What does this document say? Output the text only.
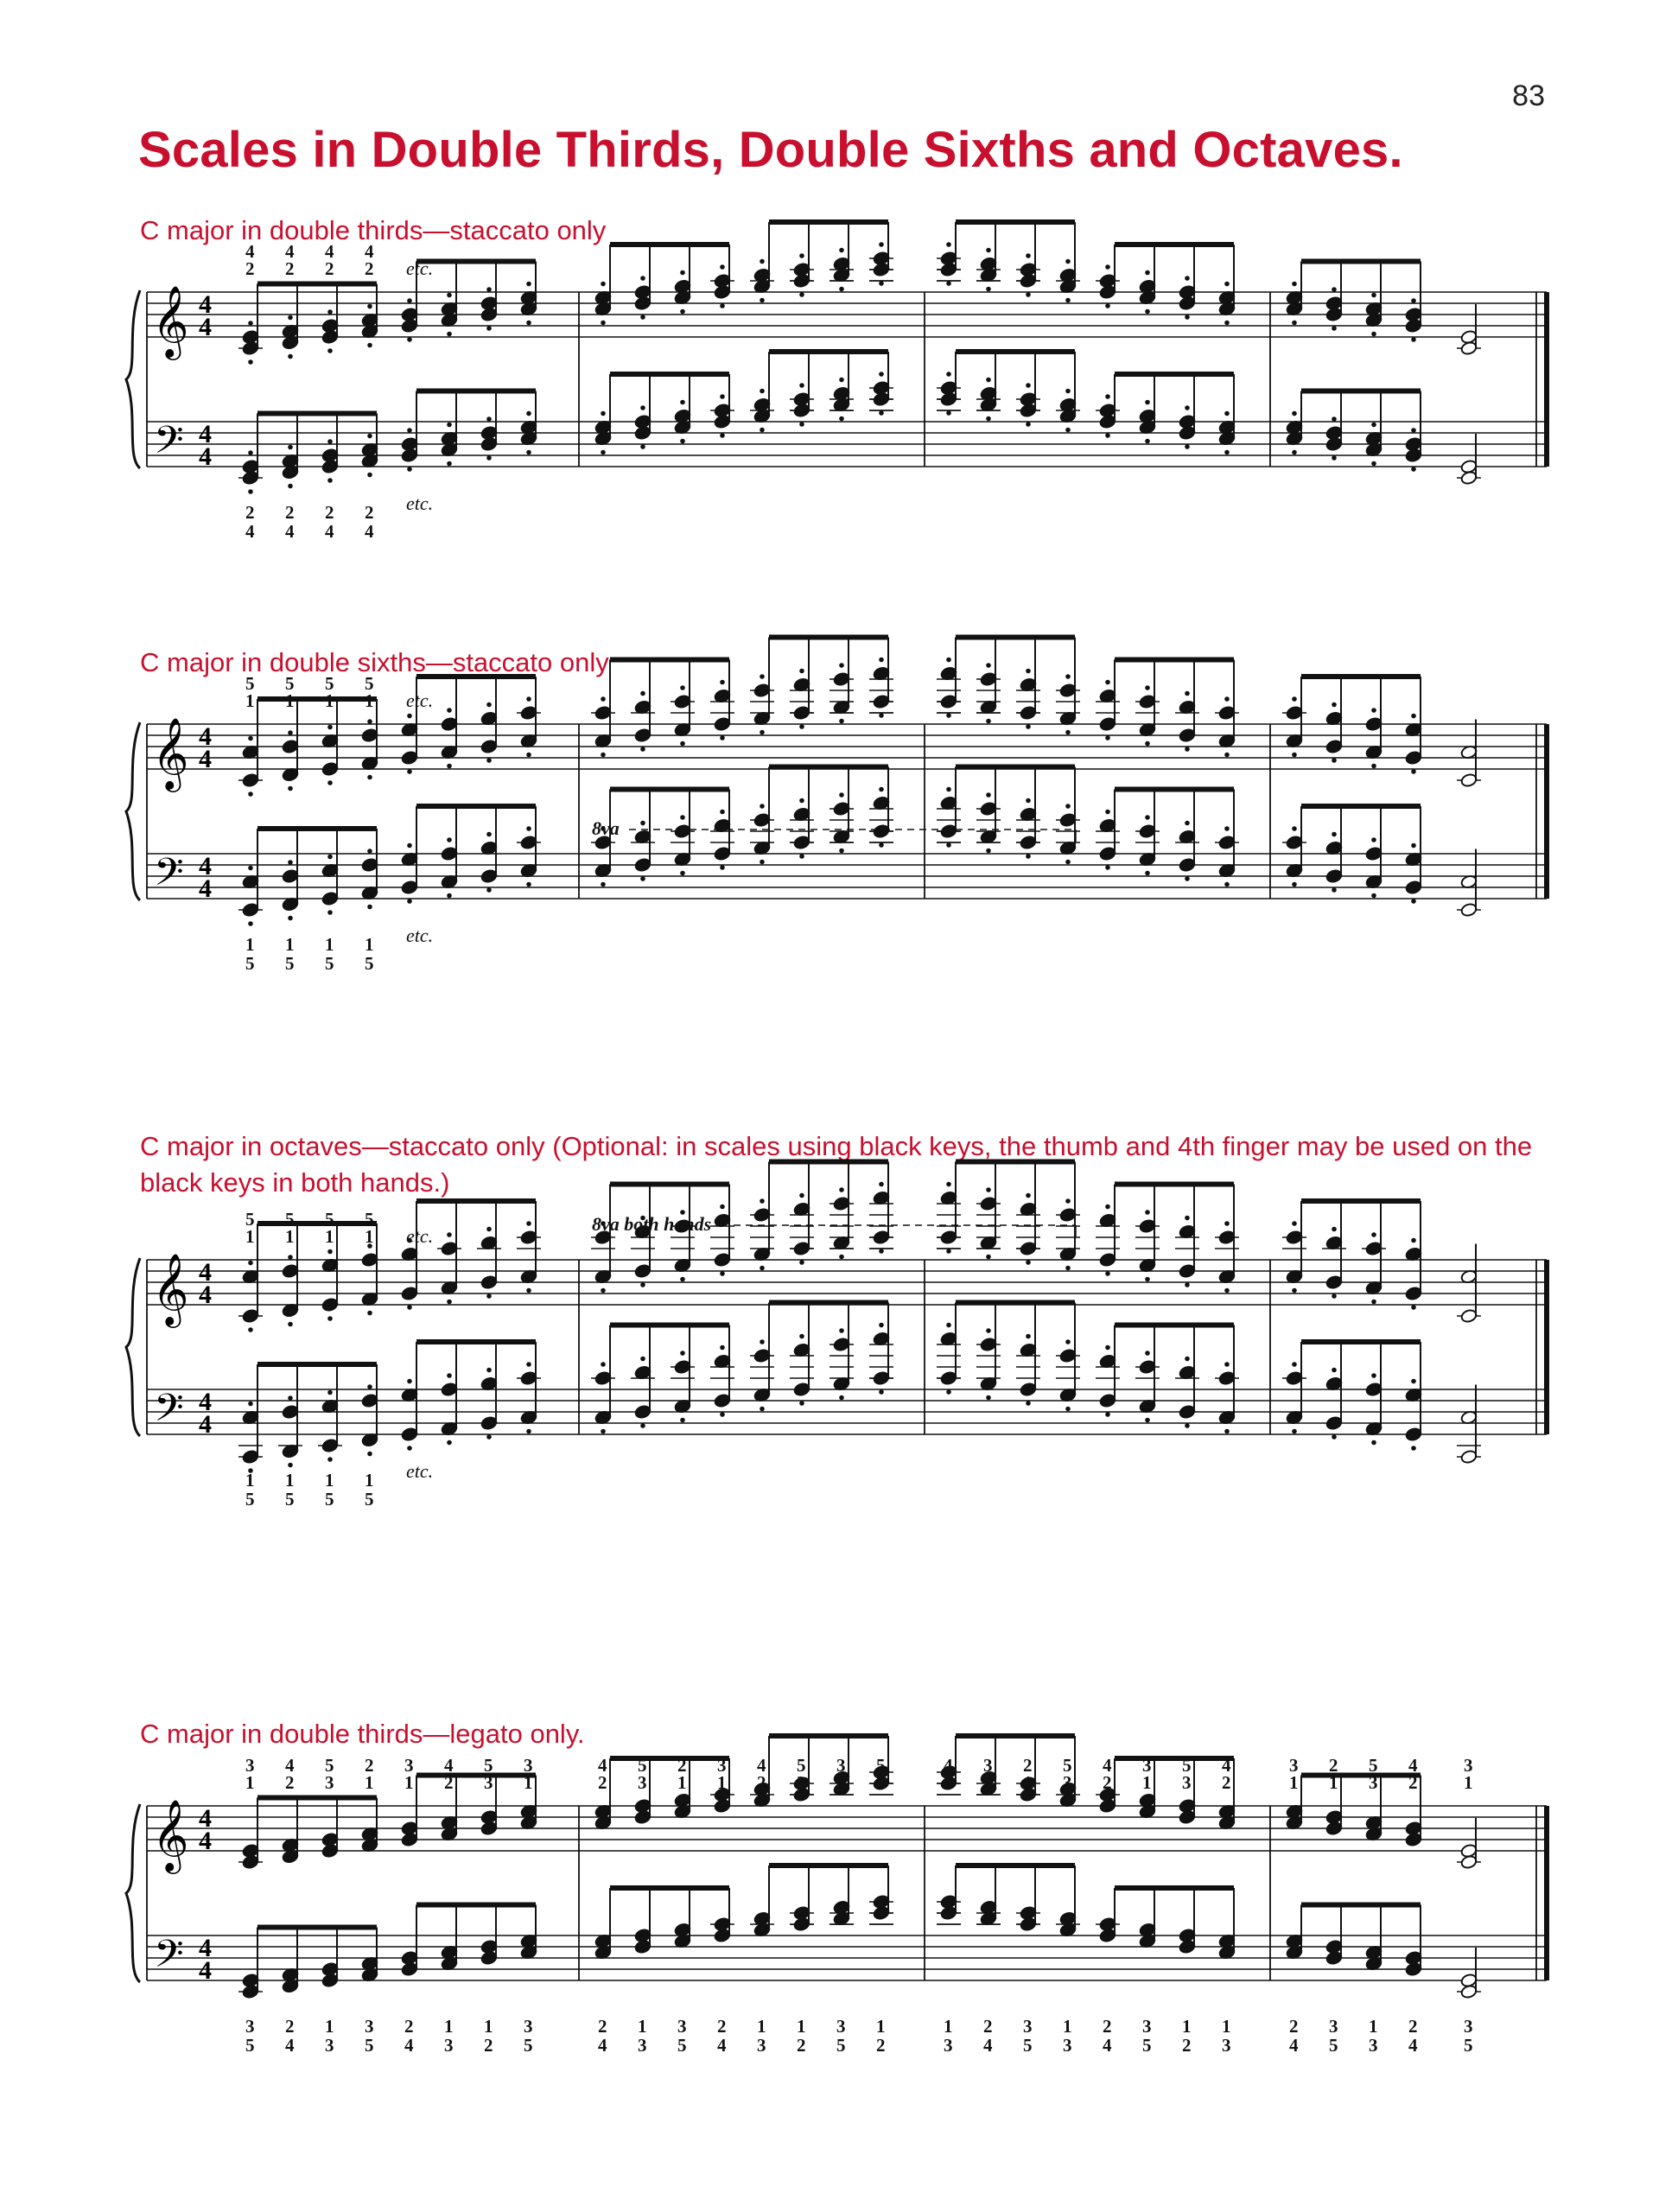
83
Scales in Double Thirds, Double Sixths and Octaves.
C major in double thirds—staccato only
𝄞
𝄢
4
4
4
4
4
2
4
2
4
2
4
2
2
4
2
4
2
4
2
4
etc.
etc.
C major in double sixths—staccato only
𝄞
𝄢
4
4
4
4
5
1
5
1
5
1
5
1
1
5
1
5
1
5
1
5
etc.
etc.
8va
C major in octaves—staccato only (Optional: in scales using black keys, the thumb and 4th finger may be used on the black keys in both hands.)
𝄞
𝄢
4
4
4
4
5
1
5
1
5
1
5
1
1
5
1
5
1
5
1
5
etc.
etc.
8va both hands
C major in double thirds—legato only.
𝄞
𝄢
4
4
4
4
3
1
4
2
5
3
2
1
3
1
4
2
5
3
3
1
4
2
5
3
2
1
3
1
4
2
5
3
3
1
5
3
4
2
3
1
2
1
5
3
4
2
3
1
5
3
4
2
3
1
2
1
5
3
4
2
3
1
3
5
2
4
1
3
3
5
2
4
1
3
1
2
3
5
2
4
1
3
3
5
2
4
1
3
1
2
3
5
1
2
1
3
2
4
3
5
1
3
2
4
3
5
1
2
1
3
2
4
3
5
1
3
2
4
3
5
